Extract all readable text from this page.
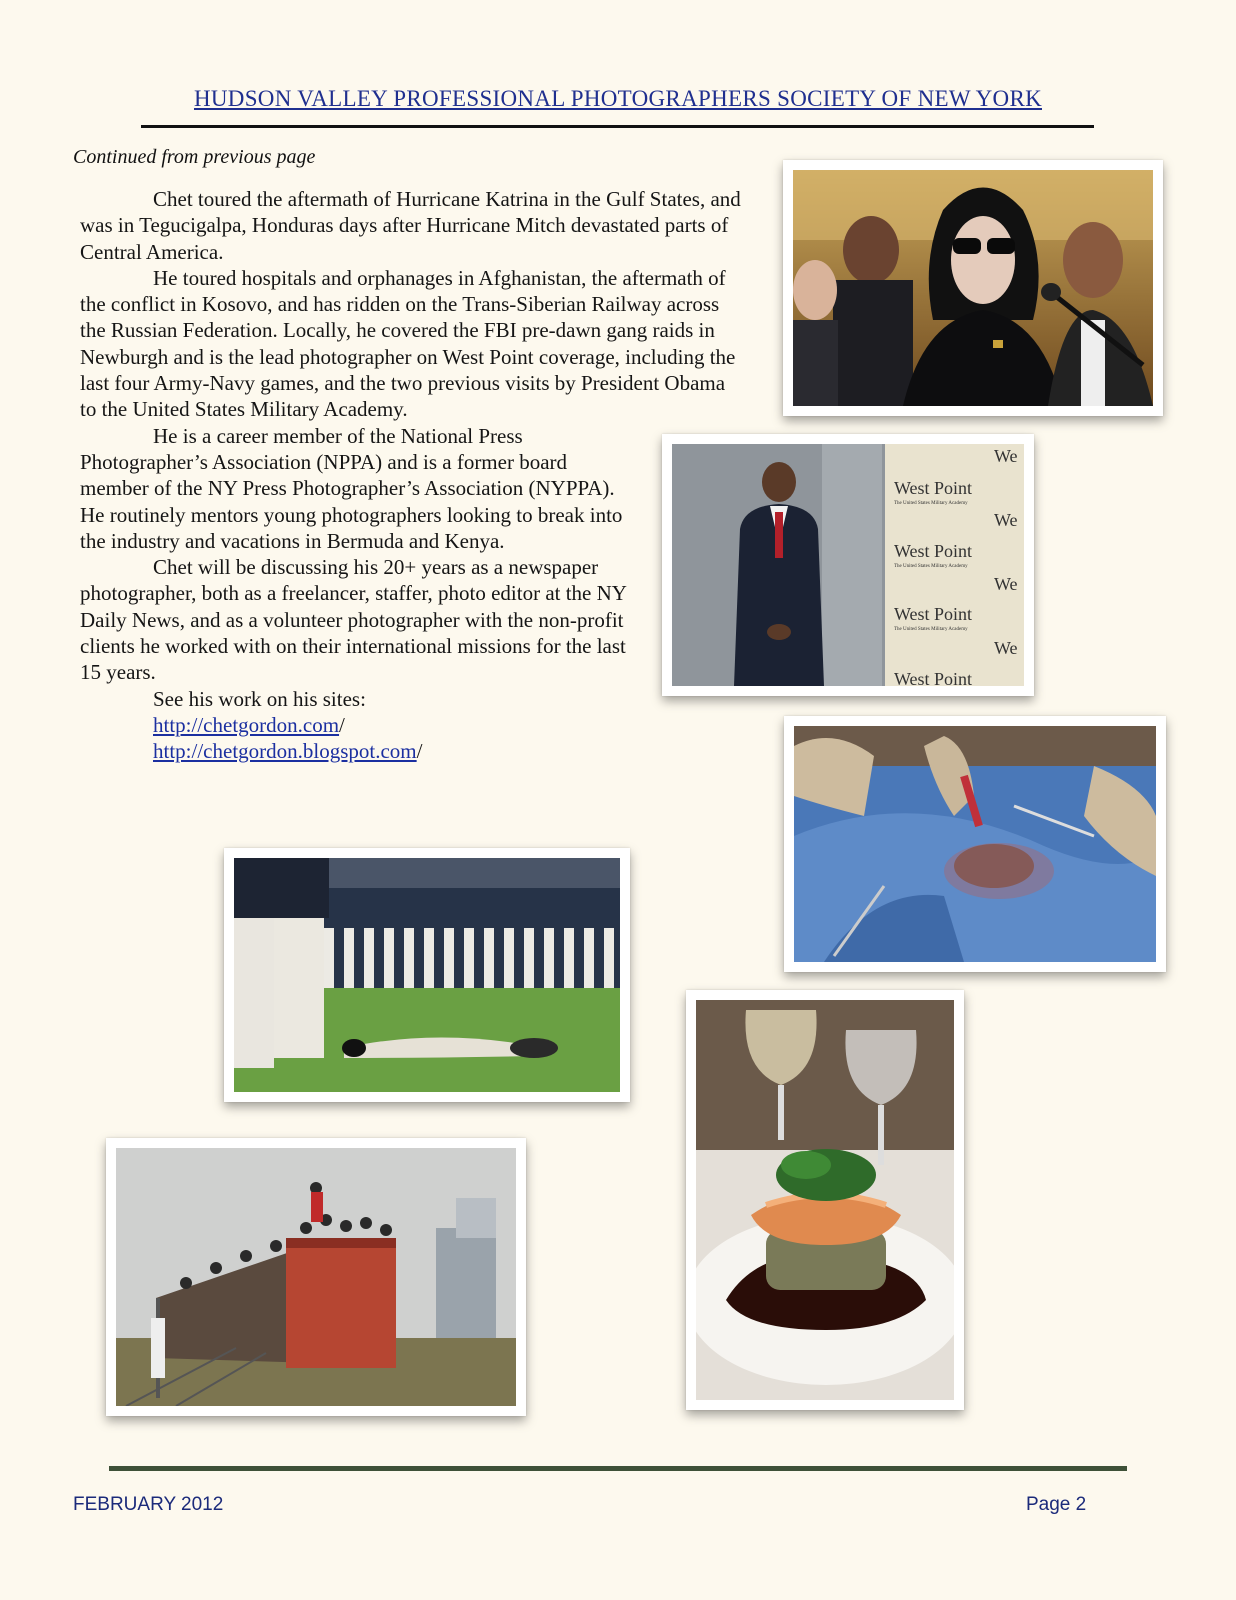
HUDSON VALLEY PROFESSIONAL PHOTOGRAPHERS SOCIETY OF NEW YORK
Continued from previous page

Chet toured the aftermath of Hurricane Katrina in the Gulf States, and was in Tegucigalpa, Honduras days after Hurricane Mitch devastated parts of Central America.

He toured hospitals and orphanages in Afghanistan, the aftermath of the conflict in Kosovo, and has ridden on the Trans-Siberian Railway across the Russian Federation. Locally, he covered the FBI pre-dawn gang raids in Newburgh and is the lead photographer on West Point coverage, including the last four Army-Navy games, and the two previous visits by President Obama to the United States Military Academy.

He is a career member of the National Press Photographer’s Association (NPPA) and is a former board member of the NY Press Photographer’s Association (NYPPA). He routinely mentors young photographers looking to break into the industry and vacations in Bermuda and Kenya.

Chet will be discussing his 20+ years as a newspaper photographer, both as a freelancer, staffer, photo editor at the NY Daily News, and as a volunteer photographer with the non-profit clients he worked with on their international missions for the last 15 years.

See his work on his sites:

http://chetgordon.com/

http://chetgordon.blogspot.com/

West Point
The United States Military Academy
West Point
The United States Military Academy
West Point
The United States Military Academy
West Point
We
We
We
We
FEBRUARY 2012	Page 2
